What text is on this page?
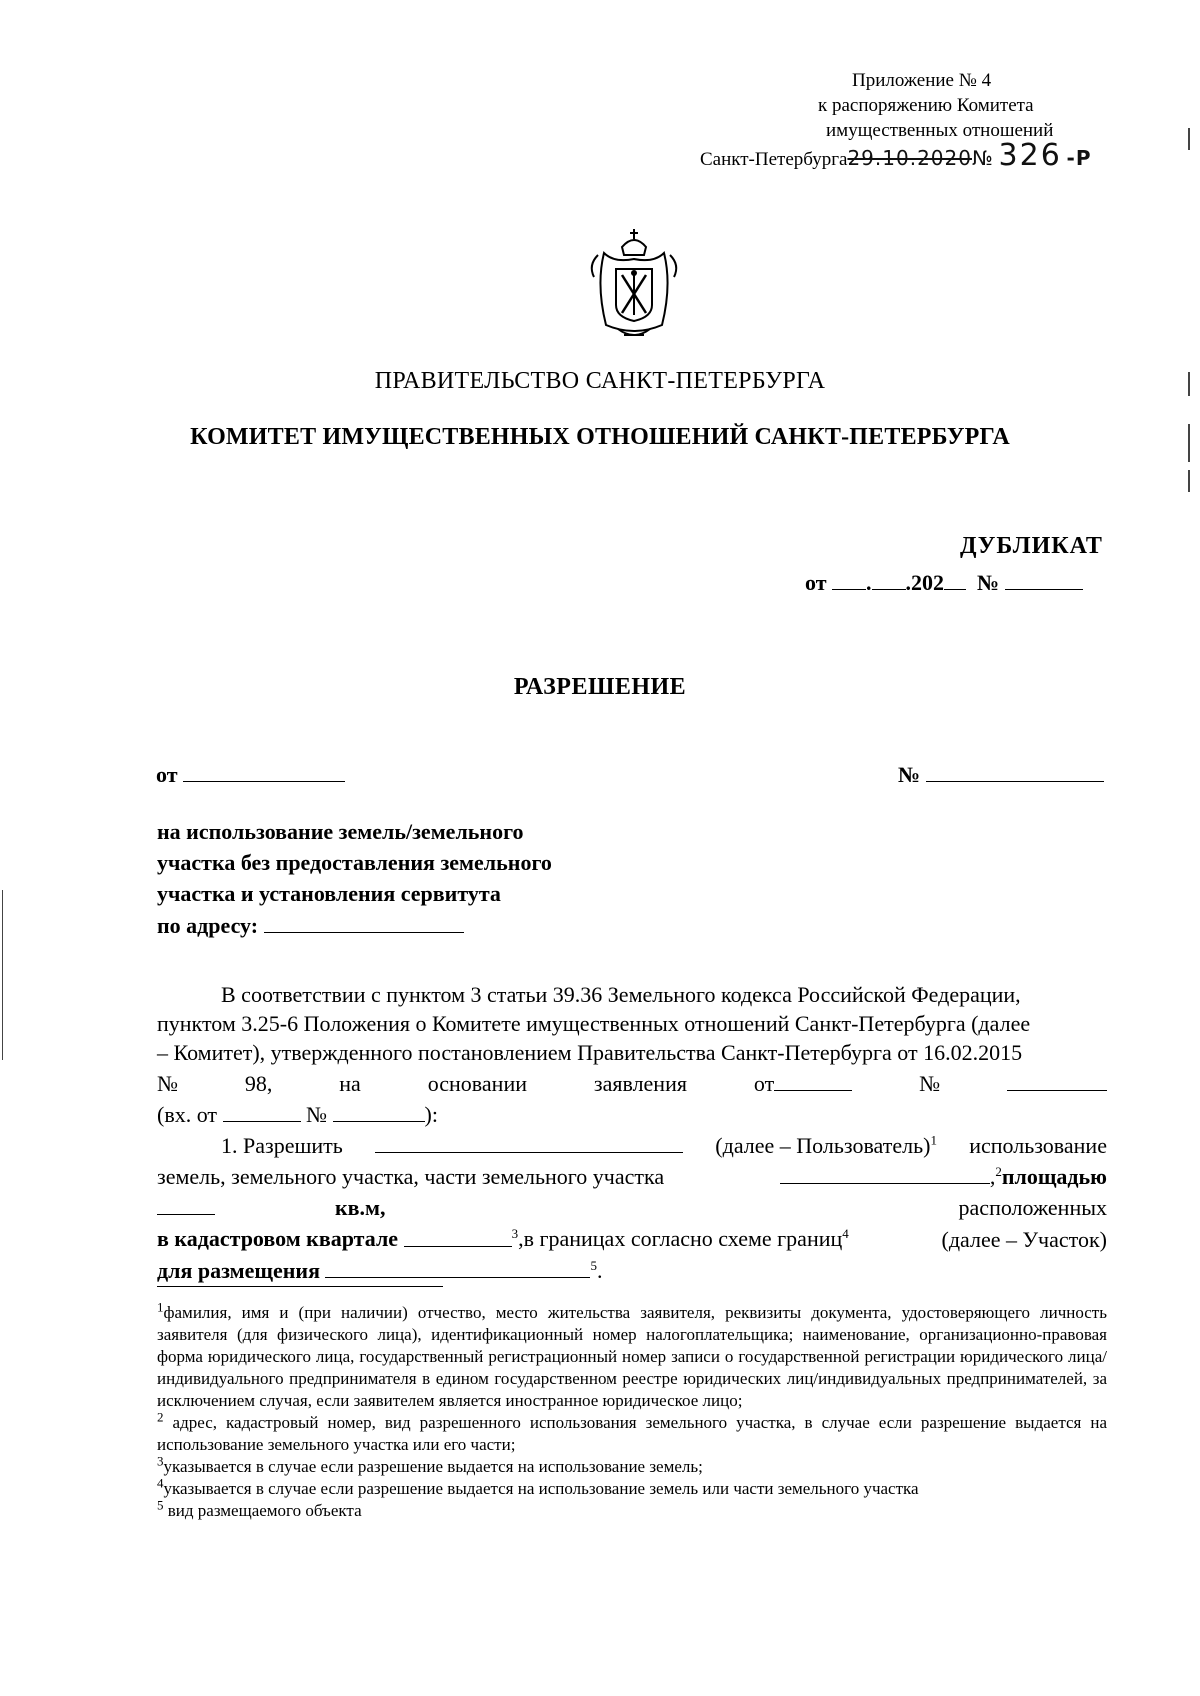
Приложение № 4
к распоряжению Комитета
имущественных отношений
Санкт-Петербурга29.10.2020№ 326 -Р
ПРАВИТЕЛЬСТВО САНКТ-ПЕТЕРБУРГА
КОМИТЕТ ИМУЩЕСТВЕННЫХ ОТНОШЕНИЙ САНКТ-ПЕТЕРБУРГА
ДУБЛИКАТ
от . .202 №
РАЗРЕШЕНИЕ
от	№
на использование земель/земельного
участка без предоставления земельного
участка и установления сервитута
по адресу:
В соответствии с пунктом 3 статьи 39.36 Земельного кодекса Российской Федерации,
пунктом 3.25-6 Положения о Комитете имущественных отношений Санкт-Петербурга (далее
– Комитет), утвержденного постановлением Правительства Санкт-Петербурга от 16.02.2015
№	98,	на	основании	заявления	от	№
(вх. от	№	):
1. Разрешить	(далее – Пользователь)$^1$ использование
земель, земельного участка, части земельного участка	,$^2$площадью
кв.м,	расположенных
в кадастровом квартале	$^3$,в границах согласно схеме границ$^4$	(далее – Участок)
для размещения	$^5$.

$^1$фамилия, имя и (при наличии) отчество, место жительства заявителя, реквизиты документа, удостоверяющего личность заявителя (для физического лица), идентификационный номер налогоплательщика; наименование, организационно-правовая форма юридического лица, государственный регистрационный номер записи о государственной регистрации юридического лица/индивидуального предпринимателя в едином государственном реестре юридических лиц/индивидуальных предпринимателей, за исключением случая, если заявителем является иностранное юридическое лицо;

$^2$ адрес, кадастровый номер, вид разрешенного использования земельного участка, в случае если разрешение выдается на использование земельного участка или его части;

$^3$указывается в случае если разрешение выдается на использование земель;

$^4$указывается в случае если разрешение выдается на использование земель или части земельного участка

$^5$ вид размещаемого объекта
